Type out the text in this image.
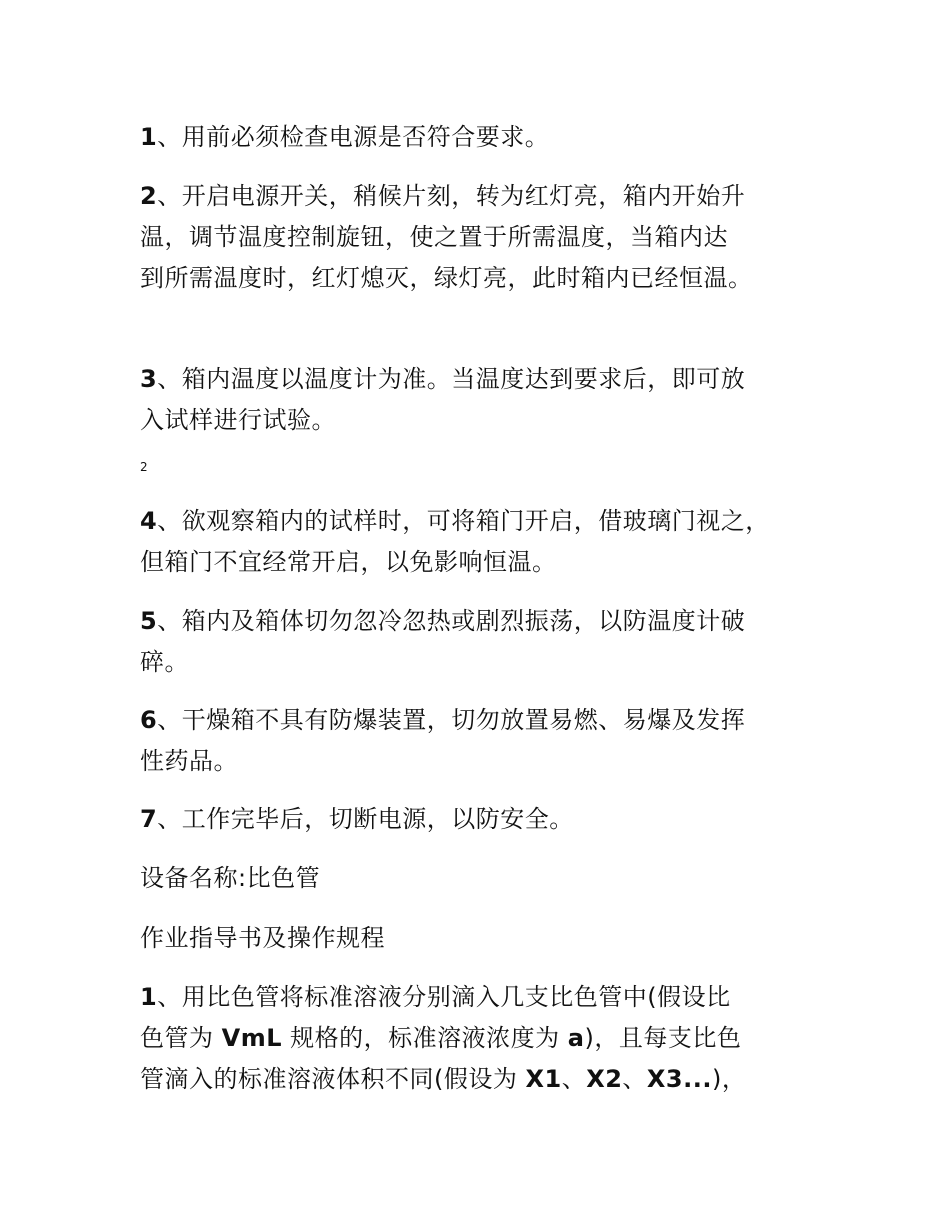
1、用前必须检查电源是否符合要求。

2、开启电源开关，稍候片刻，转为红灯亮，箱内开始升
温，调节温度控制旋钮，使之置于所需温度，当箱内达
到所需温度时，红灯熄灭，绿灯亮，此时箱内已经恒温。

3、箱内温度以温度计为准。当温度达到要求后，即可放
入试样进行试验。

2

4、欲观察箱内的试样时，可将箱门开启，借玻璃门视之，
但箱门不宜经常开启，以免影响恒温。

5、箱内及箱体切勿忽冷忽热或剧烈振荡，以防温度计破
碎。

6、干燥箱不具有防爆装置，切勿放置易燃、易爆及发挥
性药品。

7、工作完毕后，切断电源，以防安全。

设备名称:比色管

作业指导书及操作规程

1、用比色管将标准溶液分别滴入几支比色管中(假设比
色管为 VmL 规格的，标准溶液浓度为 a)，且每支比色
管滴入的标准溶液体积不同(假设为 X1、X2、X3...)，
